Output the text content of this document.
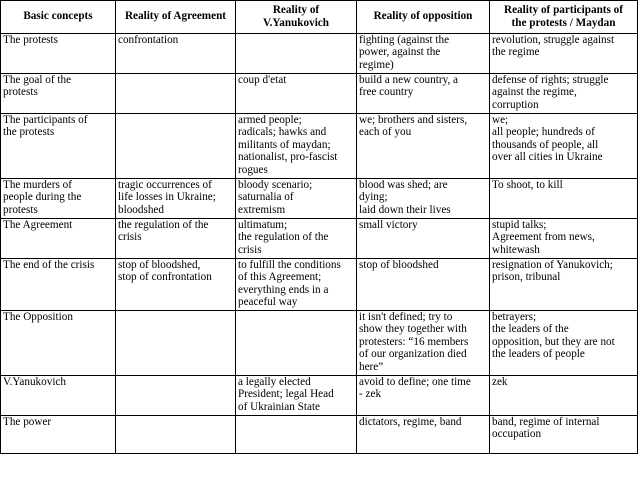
Basic concepts	Reality of Agreement	Reality of
V.Yanukovich	Reality of opposition	Reality of participants of
the protests / Maydan
The protests	confrontation		fighting (against the
power, against the
regime)	revolution, struggle against
the regime
The goal of the
protests		coup d'etat	build a new country, a
free country	defense of rights; struggle
against the regime,
corruption
The participants of
the protests		armed people;
radicals; hawks and
militants of maydan;
nationalist, pro-fascist
rogues	we; brothers and sisters,
each of you	we;
all people; hundreds of
thousands of people, all
over all cities in Ukraine
The murders of
people during the
protests	tragic occurrences of
life losses in Ukraine;
bloodshed	bloody scenario;
saturnalia of
extremism	blood was shed; are
dying;
laid down their lives	To shoot, to kill
The Agreement	the regulation of the
crisis	ultimatum;
the regulation of the
crisis	small victory	stupid talks;
Agreement from news,
whitewash
The end of the crisis	stop of bloodshed,
stop of confrontation	to fulfill the conditions
of this Agreement;
everything ends in a
peaceful way	stop of bloodshed	resignation of Yanukovich;
prison, tribunal
The Opposition			it isn't defined; try to
show they together with
protesters: “16 members
of our organization died
here”	betrayers;
the leaders of the
opposition, but they are not
the leaders of people
V.Yanukovich		a legally elected
President; legal Head
of Ukrainian State	avoid to define; one time
- zek	zek
The power			dictators, regime, band	band, regime of internal
occupation
